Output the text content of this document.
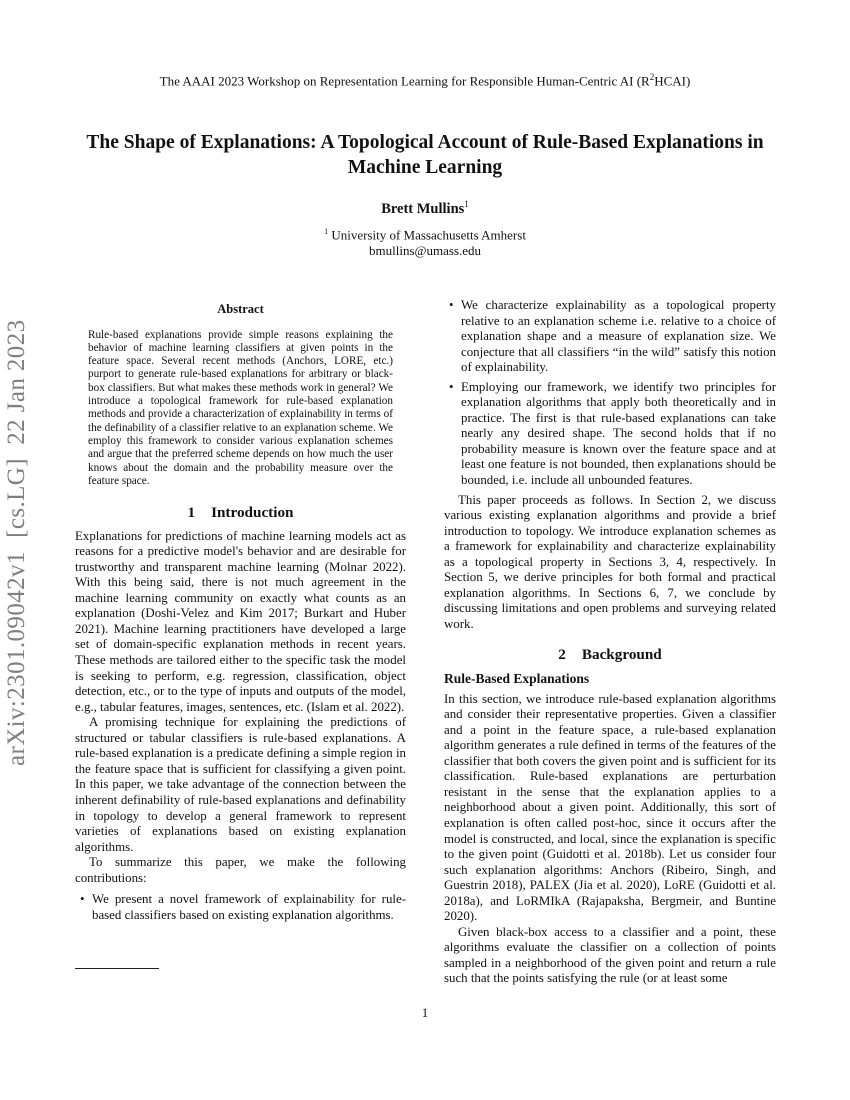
The AAAI 2023 Workshop on Representation Learning for Responsible Human-Centric AI $(R^2HCAI)$
The Shape of Explanations: A Topological Account of Rule-Based Explanations in Machine Learning
Brett Mullins$^1$
$^1$ University of Massachusetts Amherst
bmullins@umass.edu
arXiv:2301.09042v1  [cs.LG]  22 Jan 2023
Abstract

Rule-based explanations provide simple reasons explaining the behavior of machine learning classifiers at given points in the feature space. Several recent methods (Anchors, LORE, etc.) purport to generate rule-based explanations for arbitrary or black-box classifiers. But what makes these methods work in general? We introduce a topological framework for rule-based explanation methods and provide a characterization of explainability in terms of the definability of a classifier relative to an explanation scheme. We employ this framework to consider various explanation schemes and argue that the preferred scheme depends on how much the user knows about the domain and the probability measure over the feature space.

1 Introduction

Explanations for predictions of machine learning models act as reasons for a predictive model's behavior and are desirable for trustworthy and transparent machine learning (Molnar 2022). With this being said, there is not much agreement in the machine learning community on exactly what counts as an explanation (Doshi-Velez and Kim 2017; Burkart and Huber 2021). Machine learning practitioners have developed a large set of domain-specific explanation methods in recent years. These methods are tailored either to the specific task the model is seeking to perform, e.g. regression, classification, object detection, etc., or to the type of inputs and outputs of the model, e.g., tabular features, images, sentences, etc. (Islam et al. 2022).

A promising technique for explaining the predictions of structured or tabular classifiers is rule-based explanations. A rule-based explanation is a predicate defining a simple region in the feature space that is sufficient for classifying a given point. In this paper, we take advantage of the connection between the inherent definability of rule-based explanations and definability in topology to develop a general framework to represent varieties of explanations based on existing explanation algorithms.

To summarize this paper, we make the following contributions:

• We present a novel framework of explainability for rule-based classifiers based on existing explanation algorithms.
• We characterize explainability as a topological property relative to an explanation scheme i.e. relative to a choice of explanation shape and a measure of explanation size. We conjecture that all classifiers “in the wild” satisfy this notion of explainability.
• Employing our framework, we identify two principles for explanation algorithms that apply both theoretically and in practice. The first is that rule-based explanations can take nearly any desired shape. The second holds that if no probability measure is known over the feature space and at least one feature is not bounded, then explanations should be bounded, i.e. include all unbounded features.

This paper proceeds as follows. In Section 2, we discuss various existing explanation algorithms and provide a brief introduction to topology. We introduce explanation schemes as a framework for explainability and characterize explainability as a topological property in Sections 3, 4, respectively. In Section 5, we derive principles for both formal and practical explanation algorithms. In Sections 6, 7, we conclude by discussing limitations and open problems and surveying related work.

2 Background
Rule-Based Explanations

In this section, we introduce rule-based explanation algorithms and consider their representative properties. Given a classifier and a point in the feature space, a rule-based explanation algorithm generates a rule defined in terms of the features of the classifier that both covers the given point and is sufficient for its classification. Rule-based explanations are perturbation resistant in the sense that the explanation applies to a neighborhood about a given point. Additionally, this sort of explanation is often called post-hoc, since it occurs after the model is constructed, and local, since the explanation is specific to the given point (Guidotti et al. 2018b). Let us consider four such explanation algorithms: Anchors (Ribeiro, Singh, and Guestrin 2018), PALEX (Jia et al. 2020), LoRE (Guidotti et al. 2018a), and LoRMIkA (Rajapaksha, Bergmeir, and Buntine 2020).

Given black-box access to a classifier and a point, these algorithms evaluate the classifier on a collection of points sampled in a neighborhood of the given point and return a rule such that the points satisfying the rule (or at least some

1
